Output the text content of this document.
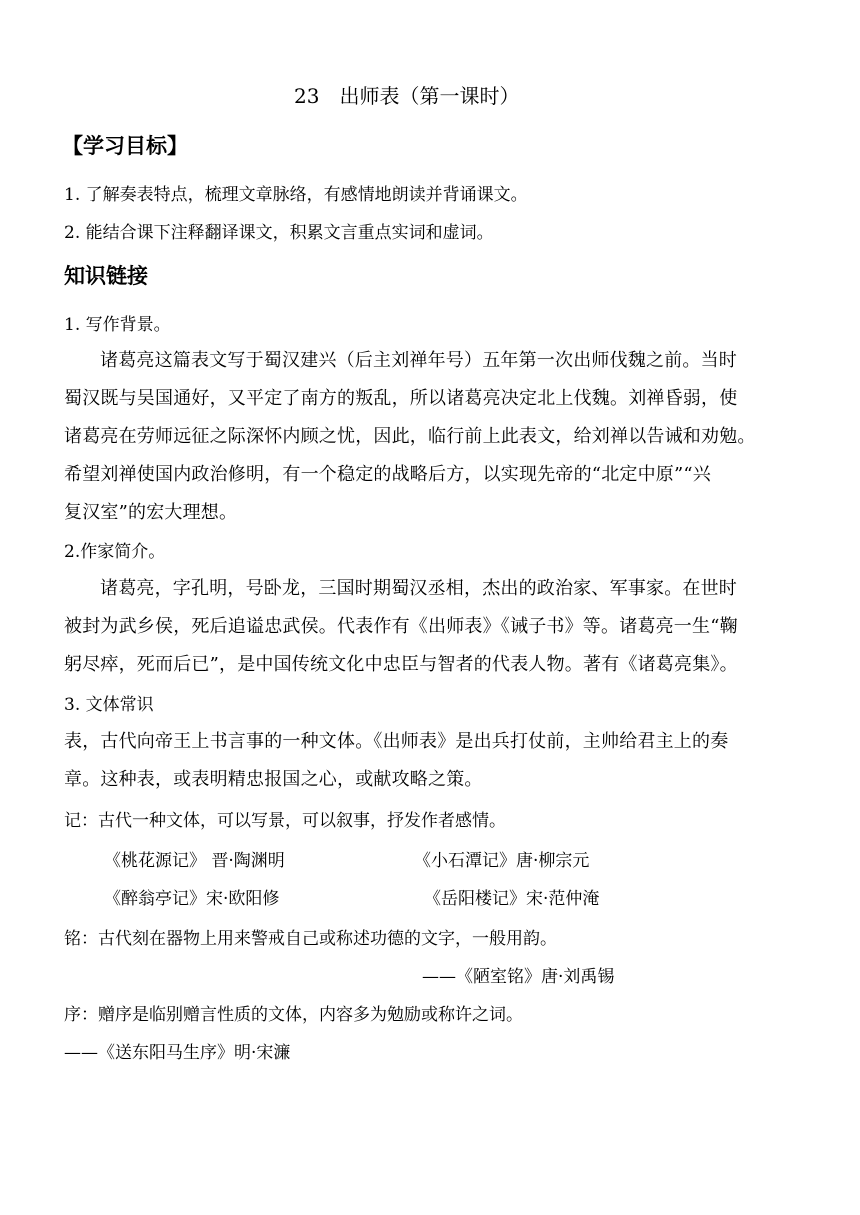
23　出师表（第一课时）
【学习目标】
1. 了解奏表特点，梳理文章脉络，有感情地朗读并背诵课文。
2. 能结合课下注释翻译课文，积累文言重点实词和虚词。
知识链接
1. 写作背景。
诸葛亮这篇表文写于蜀汉建兴（后主刘禅年号）五年第一次出师伐魏之前。当时
蜀汉既与吴国通好，又平定了南方的叛乱，所以诸葛亮决定北上伐魏。刘禅昏弱，使
诸葛亮在劳师远征之际深怀内顾之忧，因此，临行前上此表文，给刘禅以告诫和劝勉。
希望刘禅使国内政治修明，有一个稳定的战略后方，以实现先帝的“北定中原”“兴
复汉室”的宏大理想。
2.作家简介。
诸葛亮，字孔明，号卧龙，三国时期蜀汉丞相，杰出的政治家、军事家。在世时
被封为武乡侯，死后追谥忠武侯。代表作有《出师表》《诫子书》等。诸葛亮一生“鞠
躬尽瘁，死而后已”，是中国传统文化中忠臣与智者的代表人物。著有《诸葛亮集》。
3. 文体常识
表，古代向帝王上书言事的一种文体。《出师表》是出兵打仗前，主帅给君主上的奏
章。这种表，或表明精忠报国之心，或献攻略之策。
记：古代一种文体，可以写景，可以叙事，抒发作者感情。
《桃花源记》 晋·陶渊明	《小石潭记》唐·柳宗元
《醉翁亭记》宋·欧阳修	《岳阳楼记》宋·范仲淹
铭：古代刻在器物上用来警戒自己或称述功德的文字，一般用韵。
——《陋室铭》唐·刘禹锡
序：赠序是临别赠言性质的文体，内容多为勉励或称许之词。
——《送东阳马生序》明·宋濂
